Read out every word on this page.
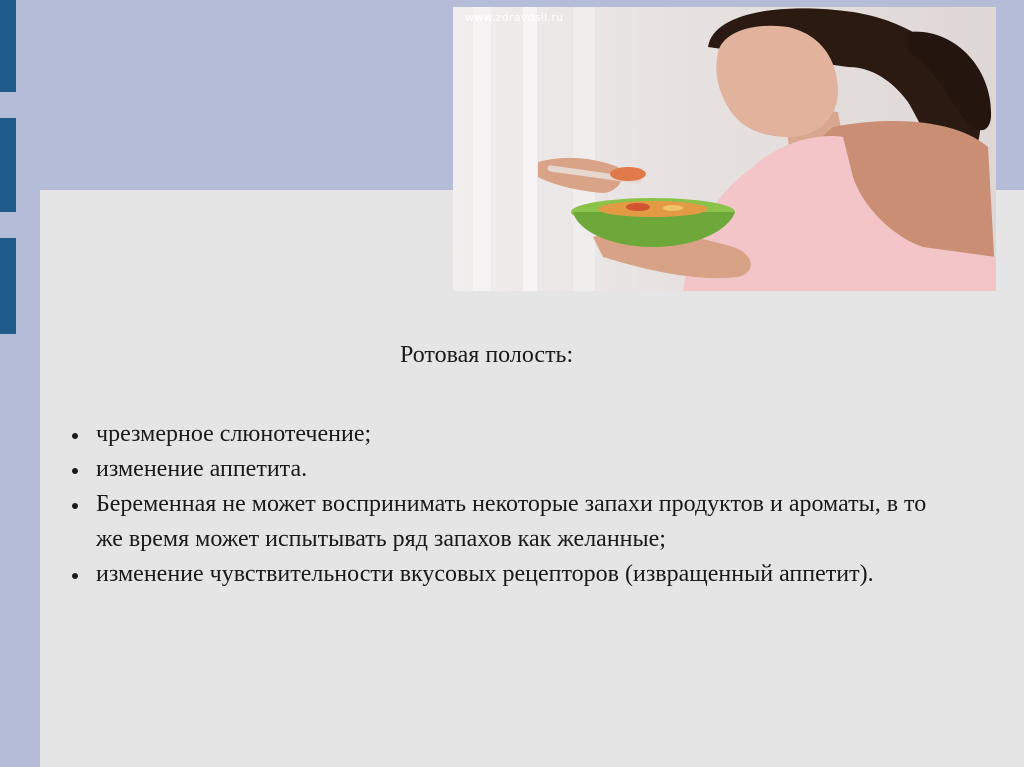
www.zdravosil.ru
Ротовая полость:
чрезмерное слюнотечение;
изменение аппетита.
Беременная не может воспринимать некоторые запахи продуктов и ароматы, в то же время может испытывать ряд запахов как желанные;
изменение чувствительности вкусовых рецепторов (извращенный аппетит).
